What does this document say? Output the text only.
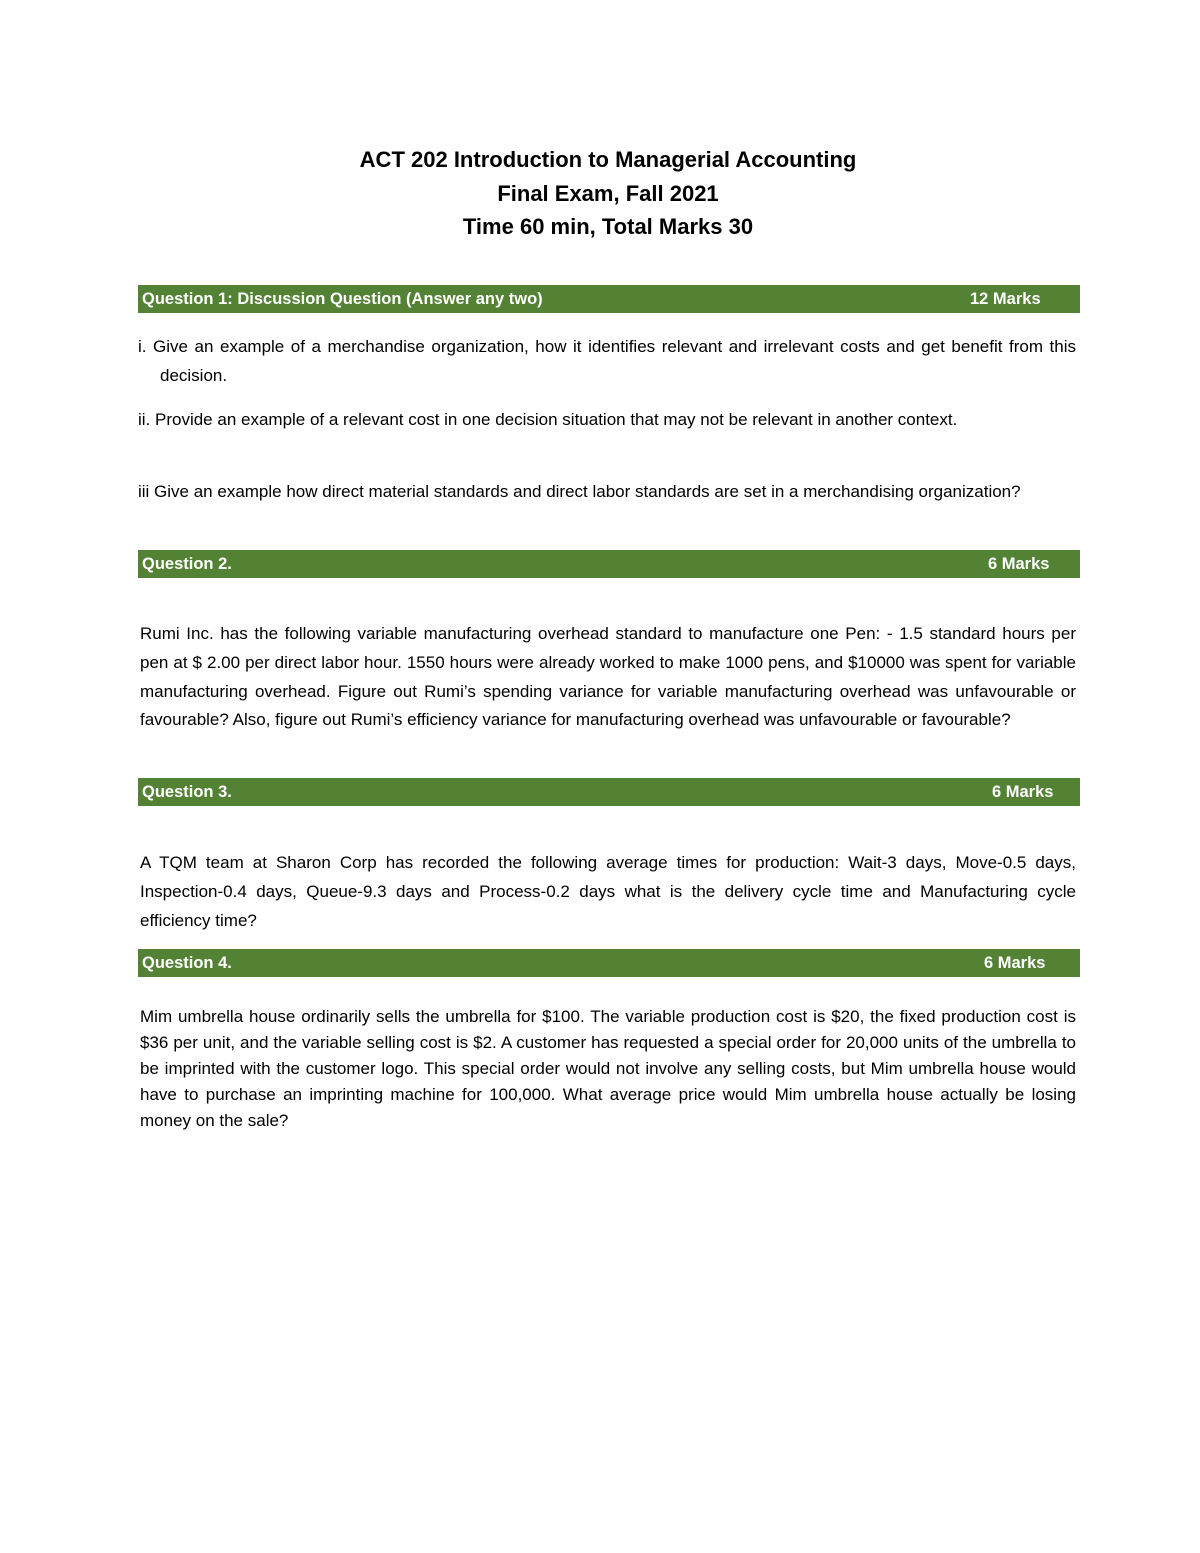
ACT 202 Introduction to Managerial Accounting
Final Exam, Fall 2021
Time 60 min, Total Marks 30
Question 1: Discussion Question (Answer any two)	12 Marks
i. Give an example of a merchandise organization, how it identifies relevant and irrelevant costs and get benefit from this decision.
ii. Provide an example of a relevant cost in one decision situation that may not be relevant in another context.
iii Give an example how direct material standards and direct labor standards are set in a merchandising organization?
Question 2.	6 Marks
Rumi Inc. has the following variable manufacturing overhead standard to manufacture one Pen: - 1.5 standard hours per pen at $ 2.00 per direct labor hour. 1550 hours were already worked to make 1000 pens, and $10000 was spent for variable manufacturing overhead. Figure out Rumi’s spending variance for variable manufacturing overhead was unfavourable or favourable? Also, figure out Rumi’s efficiency variance for manufacturing overhead was unfavourable or favourable?
Question 3.	6 Marks
A TQM team at Sharon Corp has recorded the following average times for production: Wait-3 days, Move-0.5 days, Inspection-0.4 days, Queue-9.3 days and Process-0.2 days what is the delivery cycle time and Manufacturing cycle efficiency time?
Question 4.	6 Marks
Mim umbrella house ordinarily sells the umbrella for $100. The variable production cost is $20, the fixed production cost is $36 per unit, and the variable selling cost is $2. A customer has requested a special order for 20,000 units of the umbrella to be imprinted with the customer logo. This special order would not involve any selling costs, but Mim umbrella house would have to purchase an imprinting machine for 100,000. What average price would Mim umbrella house actually be losing money on the sale?
